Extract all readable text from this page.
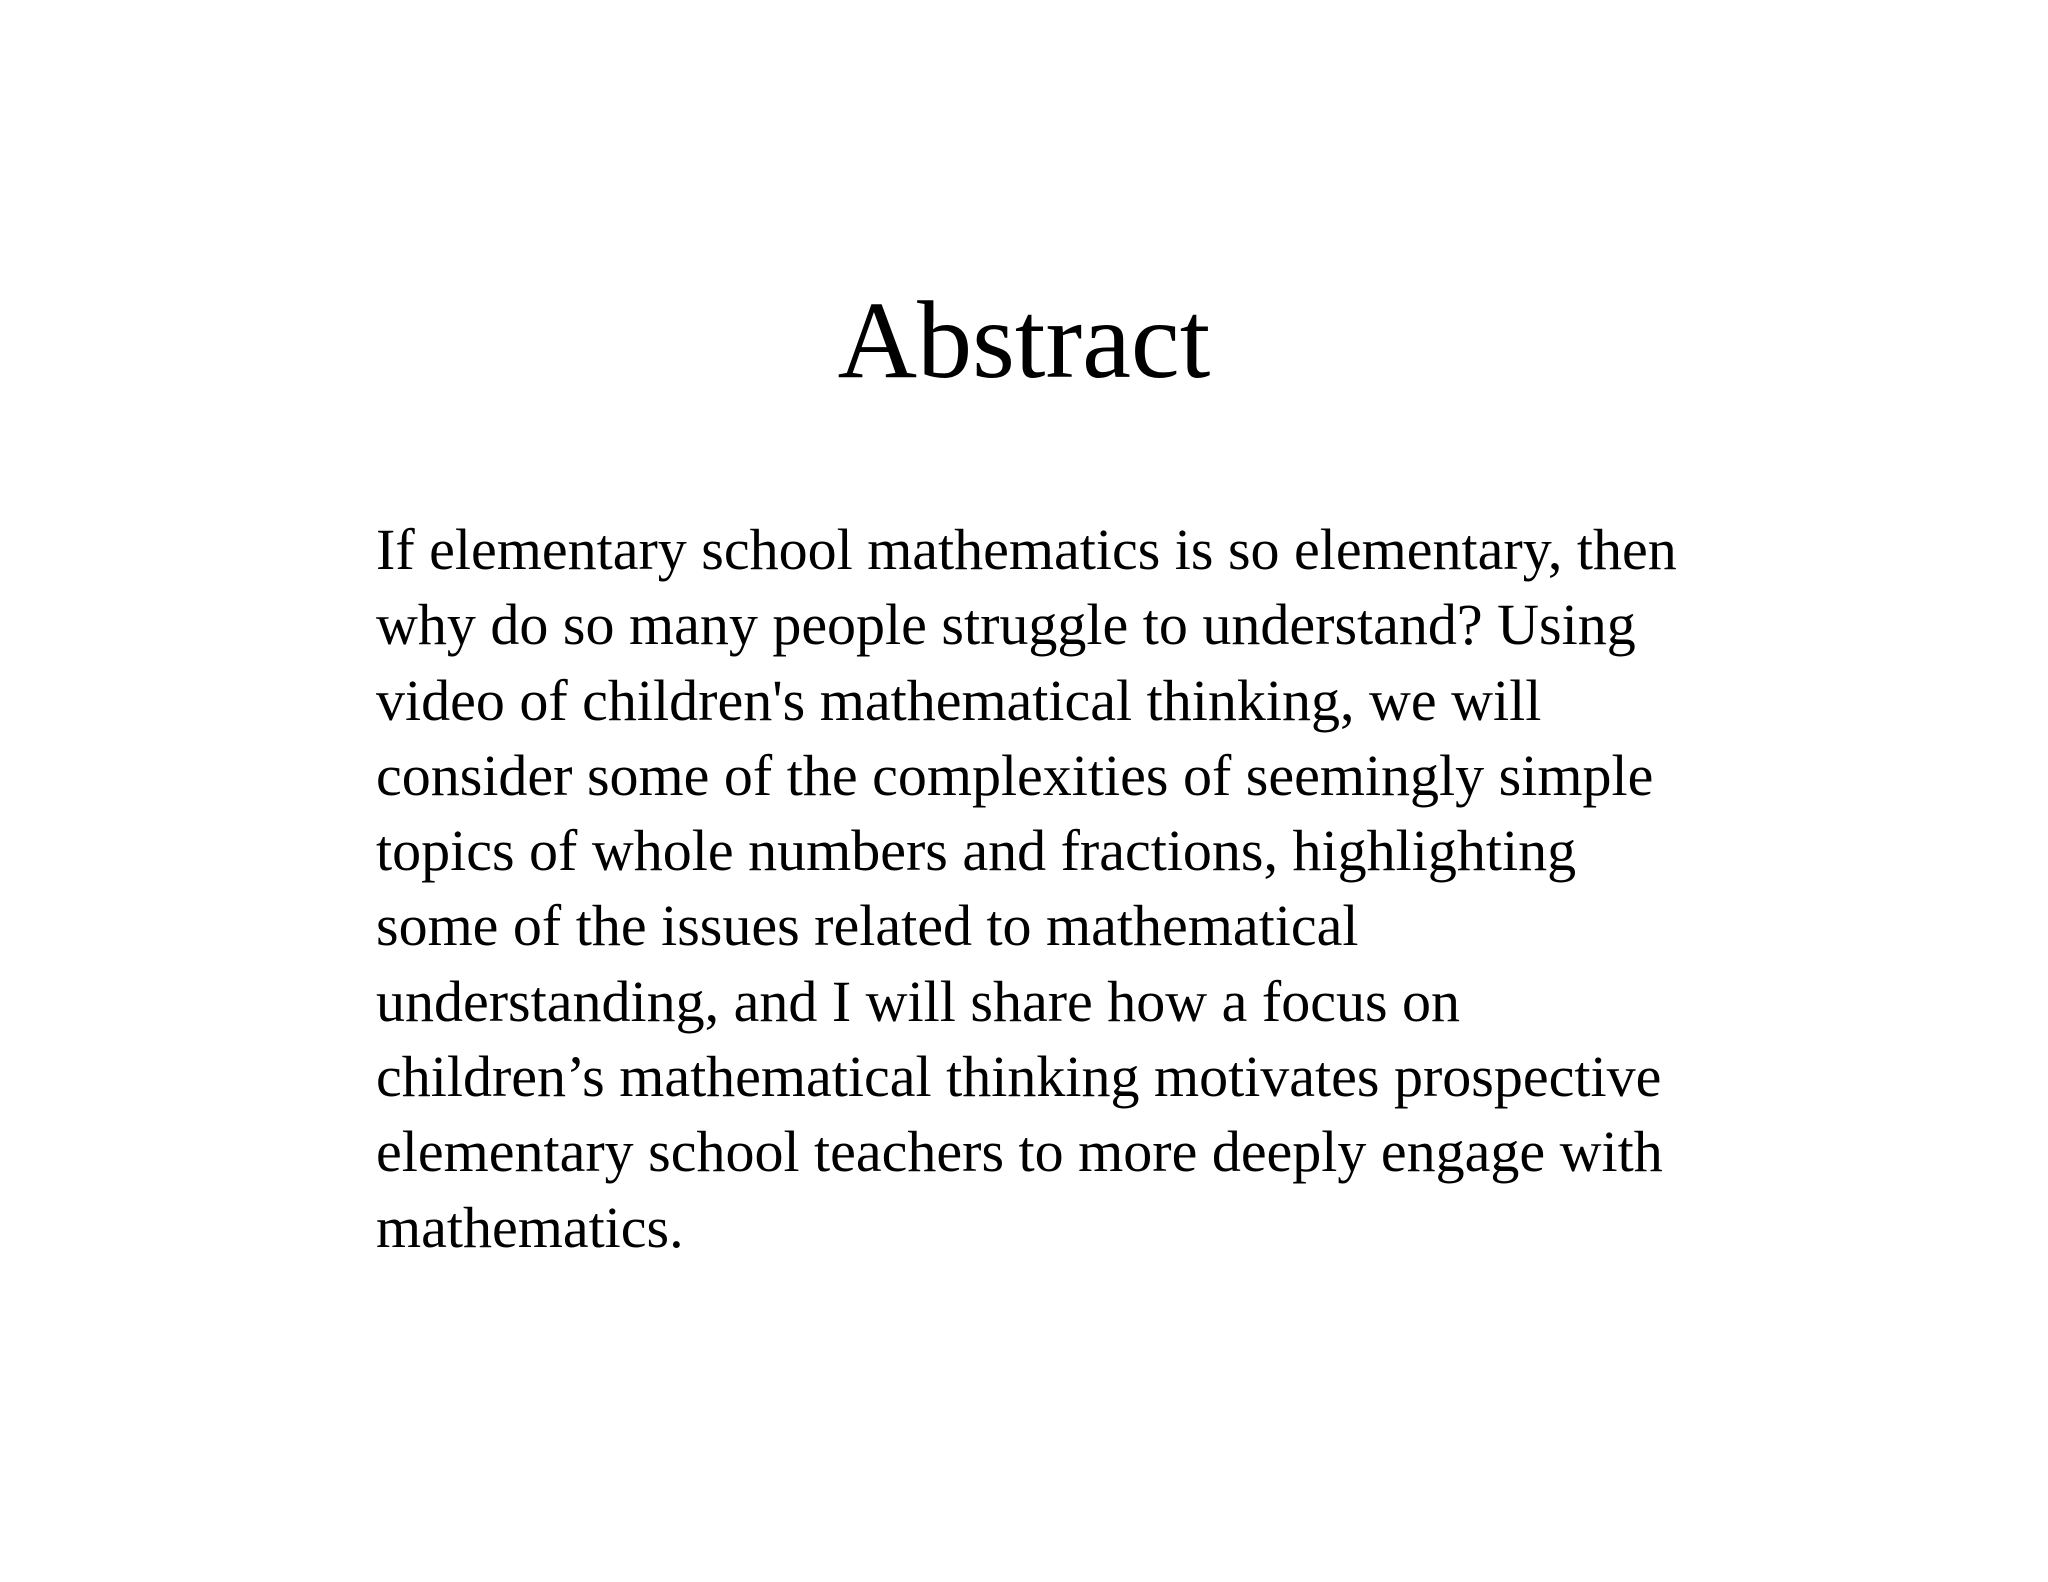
Abstract
If elementary school mathematics is so elementary, then
why do so many people struggle to understand? Using
video of children's mathematical thinking, we will
consider some of the complexities of seemingly simple
topics of whole numbers and fractions, highlighting
some of the issues related to mathematical
understanding, and I will share how a focus on
children’s mathematical thinking motivates prospective
elementary school teachers to more deeply engage with
mathematics.
